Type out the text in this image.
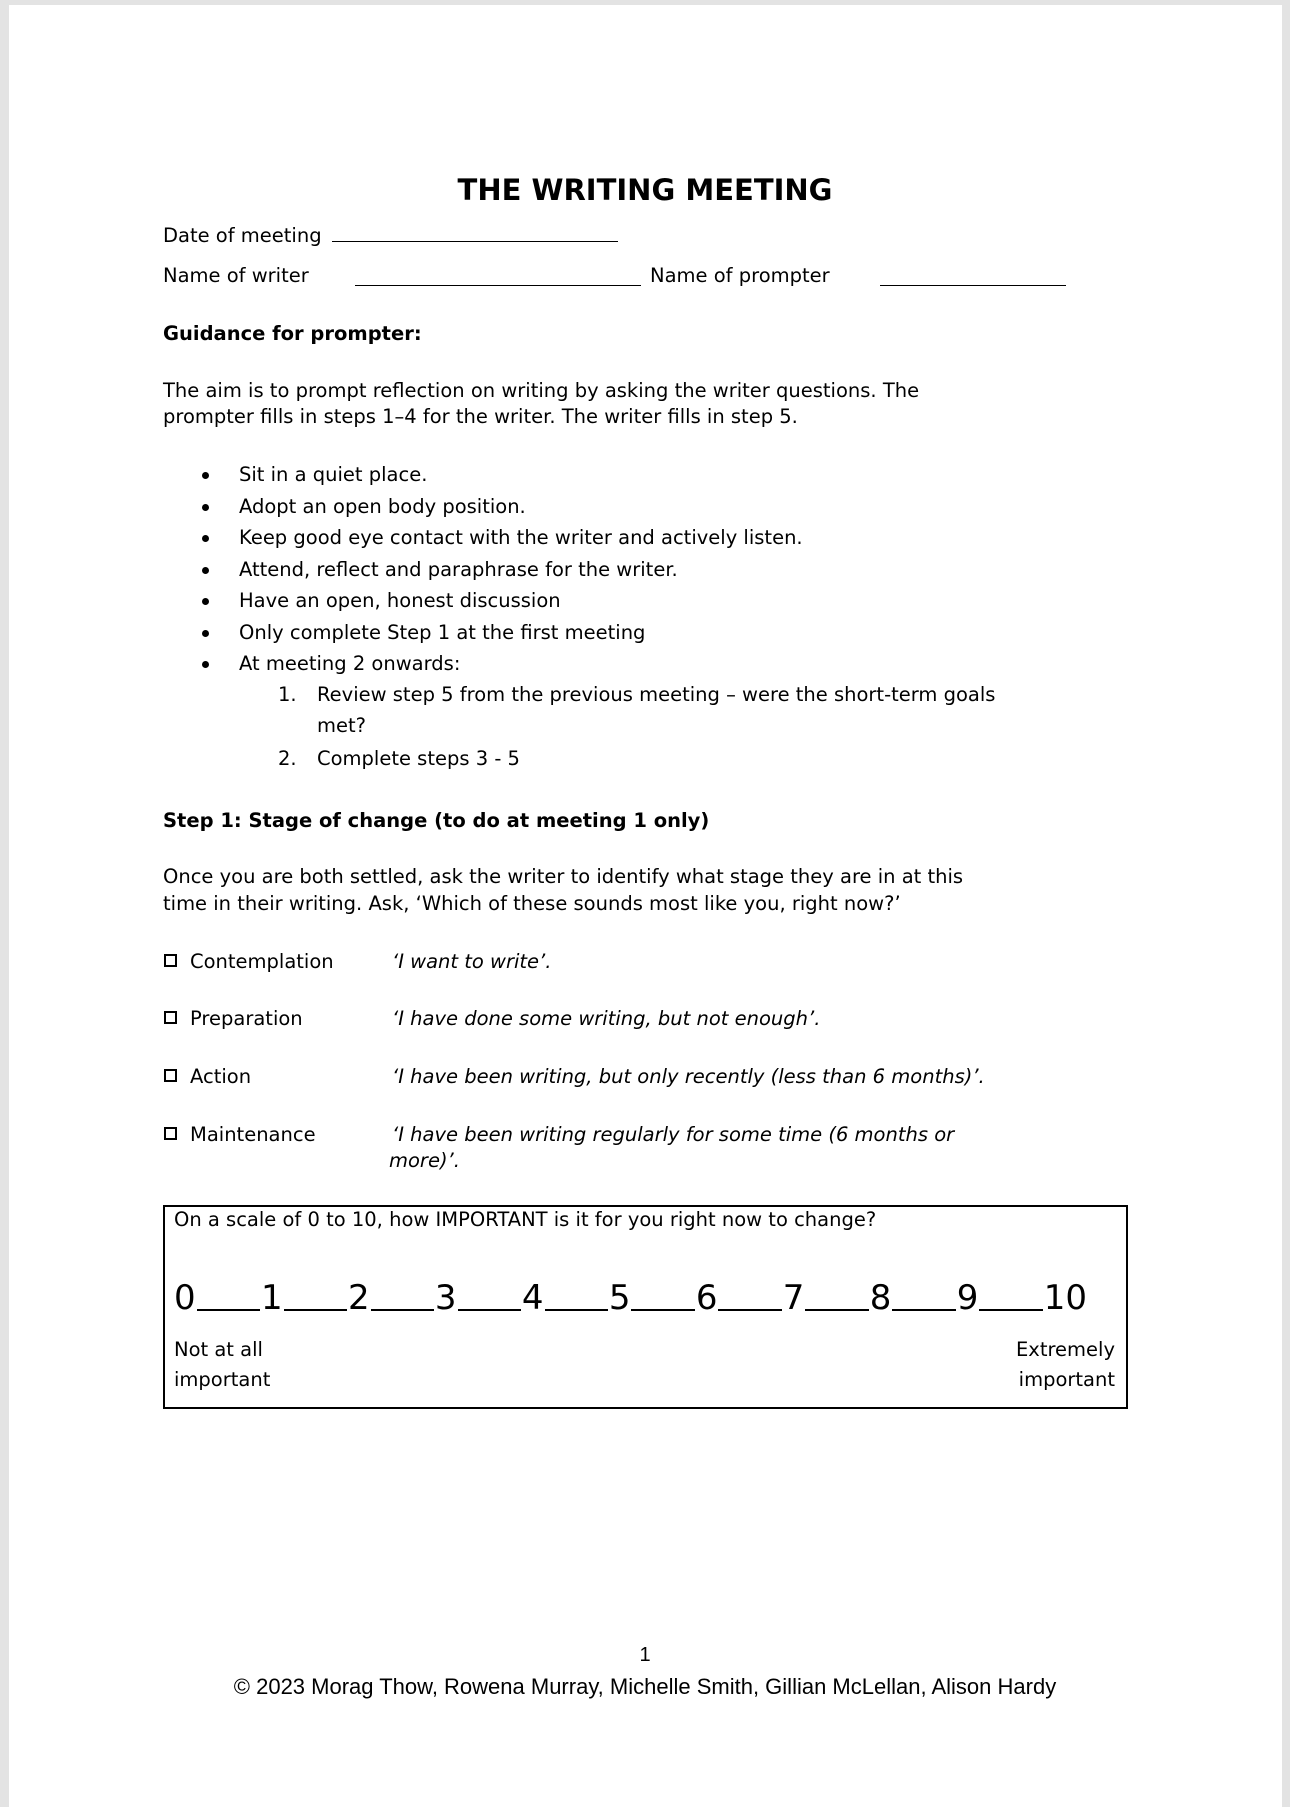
THE WRITING MEETING
Date of meeting
Name of writer	Name of prompter
Guidance for prompter:
The aim is to prompt reflection on writing by asking the writer questions. The
prompter fills in steps 1–4 for the writer. The writer fills in step 5.
Sit in a quiet place.
Adopt an open body position.
Keep good eye contact with the writer and actively listen.
Attend, reflect and paraphrase for the writer.
Have an open, honest discussion
Only complete Step 1 at the first meeting
At meeting 2 onwards:
1. Review step 5 from the previous meeting – were the short-term goals
met?
2. Complete steps 3 - 5
Step 1: Stage of change (to do at meeting 1 only)
Once you are both settled, ask the writer to identify what stage they are in at this
time in their writing. Ask, ‘Which of these sounds most like you, right now?’
Contemplation	‘I want to write’.
Preparation	‘I have done some writing, but not enough’.
Action	‘I have been writing, but only recently (less than 6 months)’.
Maintenance	‘I have been writing regularly for some time (6 months or
more)’.
On a scale of 0 to 10, how IMPORTANT is it for you right now to change?
0 1 2 3 4 5 6 7 8 9 10
Not at all
important
Extremely
important
1
© 2023 Morag Thow, Rowena Murray, Michelle Smith, Gillian McLellan, Alison Hardy
